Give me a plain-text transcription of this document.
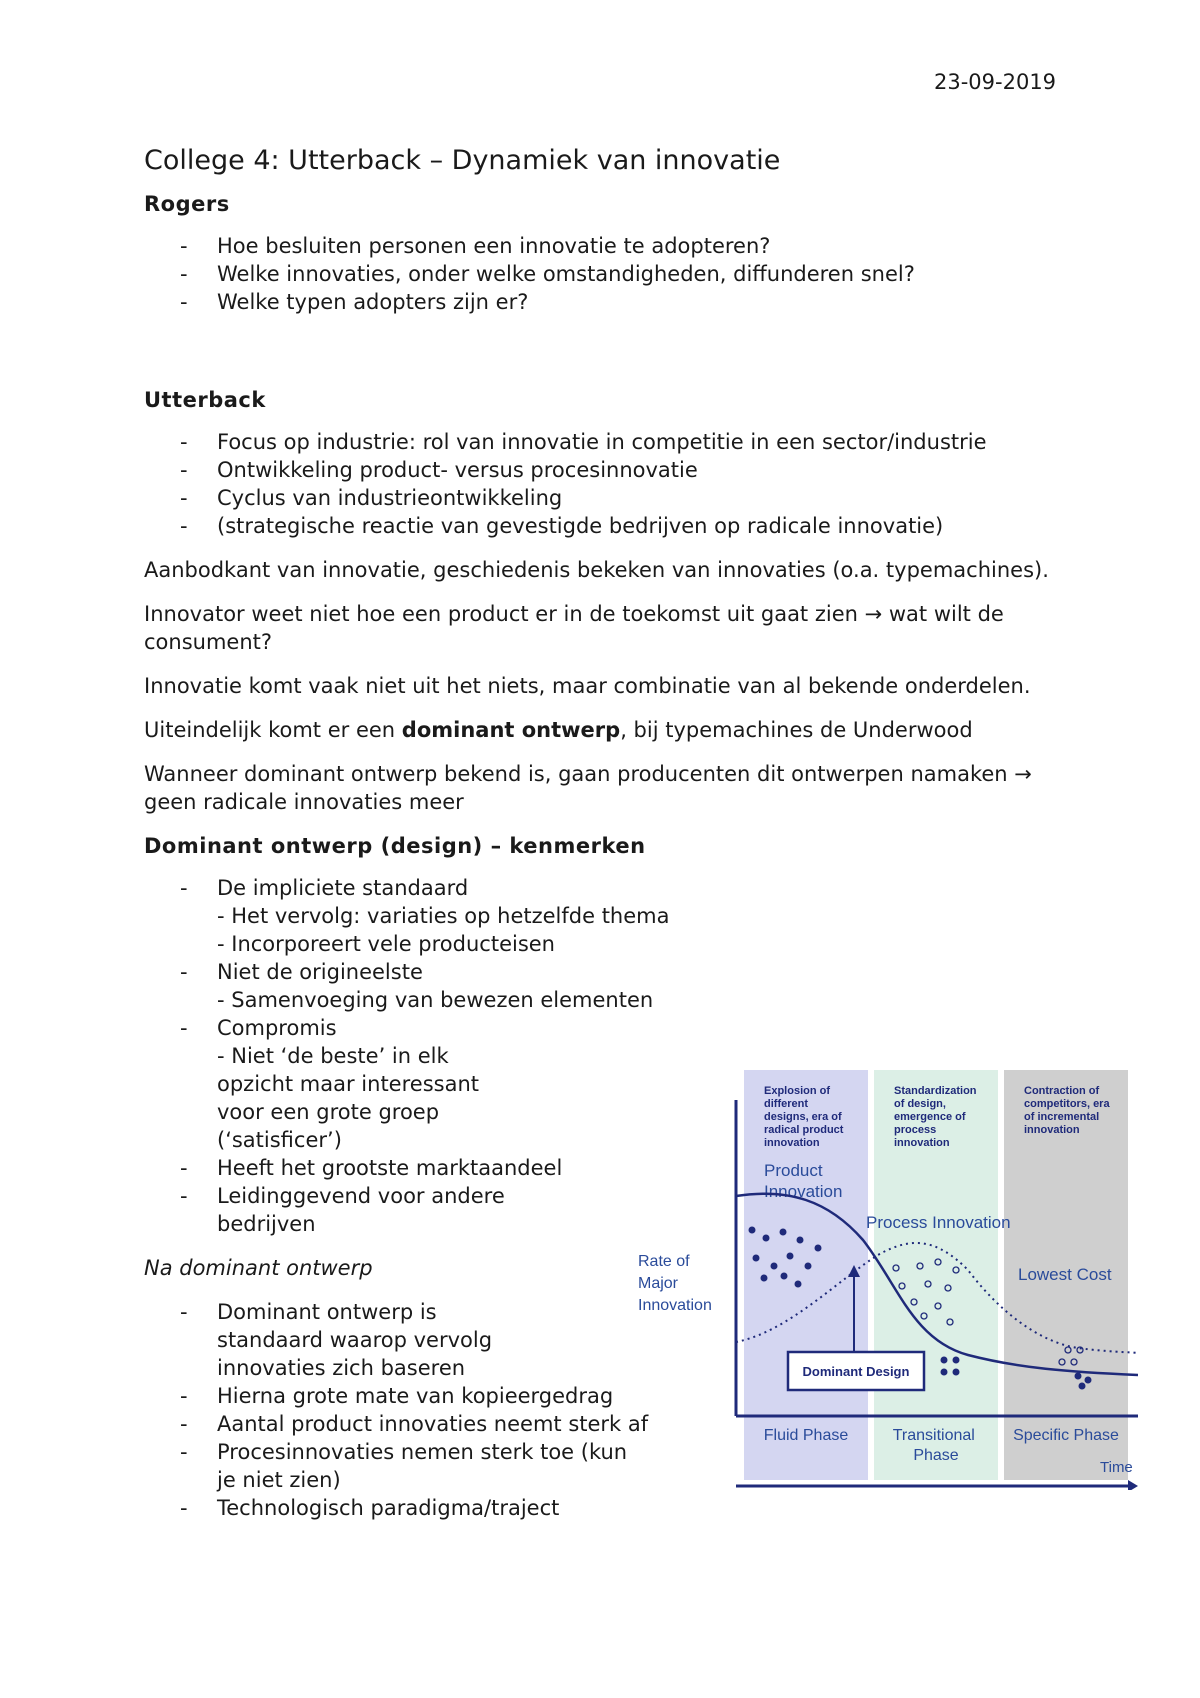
23-09-2019
College 4: Utterback – Dynamiek van innovatie
Rogers
- Hoe besluiten personen een innovatie te adopteren?
- Welke innovaties, onder welke omstandigheden, diffunderen snel?
- Welke typen adopters zijn er?
Utterback
- Focus op industrie: rol van innovatie in competitie in een sector/industrie
- Ontwikkeling product- versus procesinnovatie
- Cyclus van industrieontwikkeling
- (strategische reactie van gevestigde bedrijven op radicale innovatie)

Aanbodkant van innovatie, geschiedenis bekeken van innovaties (o.a. typemachines).

Innovator weet niet hoe een product er in de toekomst uit gaat zien → wat wilt de consument?

Innovatie komt vaak niet uit het niets, maar combinatie van al bekende onderdelen.

Uiteindelijk komt er een dominant ontwerp, bij typemachines de Underwood

Wanneer dominant ontwerp bekend is, gaan producenten dit ontwerpen namaken → geen radicale innovaties meer

Dominant ontwerp (design) – kenmerken
- De impliciete standaard
- Het vervolg: variaties op hetzelfde thema
- Incorporeert vele producteisen
- Niet de origineelste
- Samenvoeging van bewezen elementen
- Compromis
- Niet ‘de beste’ in elk opzicht maar interessant voor een grote groep (‘satisficer’)
- Heeft het grootste marktaandeel
- Leidinggevend voor andere bedrijven

Na dominant ontwerp

- Dominant ontwerp is standaard waarop vervolg innovaties zich baseren
- Hierna grote mate van kopieergedrag
- Aantal product innovaties neemt sterk af
- Procesinnovaties nemen sterk toe (kun je niet zien)
- Technologisch paradigma/traject
Explosion of different designs, era of radical product innovation
Standardization of design, emergence of process innovation
Contraction of competitors, era of incremental innovation
Product Innovation
Process Innovation
Lowest Cost
Rate of Major Innovation
Dominant Design
Fluid Phase	Transitional Phase
Specific Phase
Time
